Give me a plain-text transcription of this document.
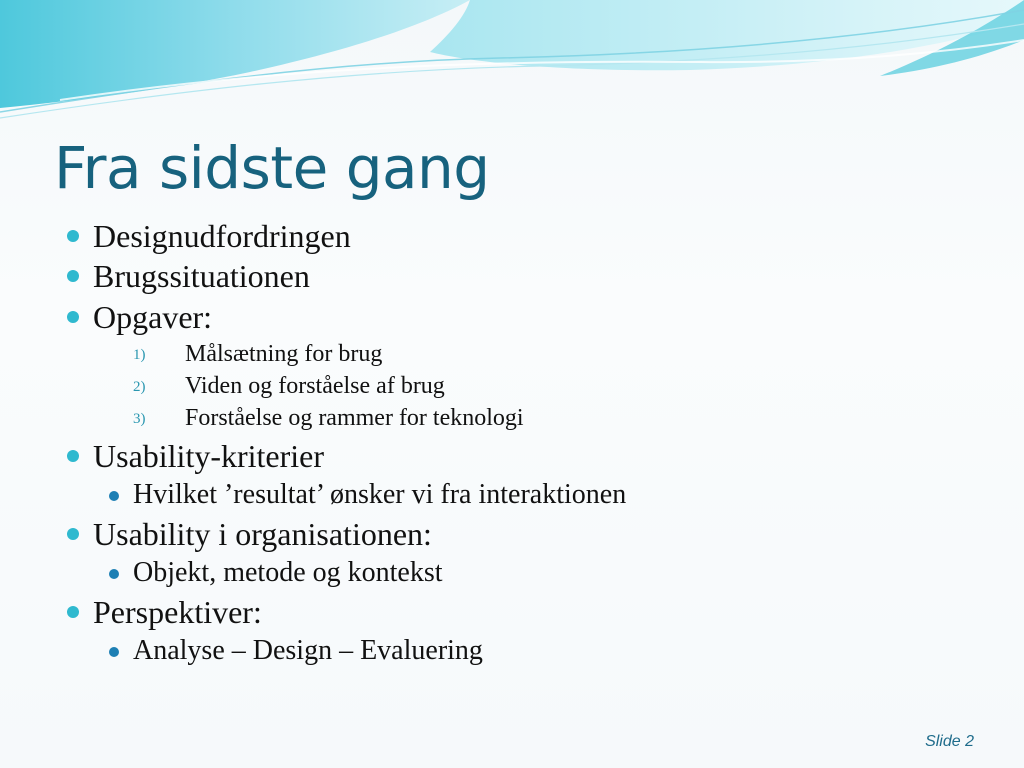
Fra sidste gang
Designudfordringen
Brugssituationen
Opgaver:
1) Målsætning for brug
2) Viden og forståelse af brug
3) Forståelse og rammer for teknologi
Usability-kriterier
Hvilket ’resultat’ ønsker vi fra interaktionen
Usability i organisationen:
Objekt, metode og kontekst
Perspektiver:
Analyse – Design – Evaluering
Slide 2
